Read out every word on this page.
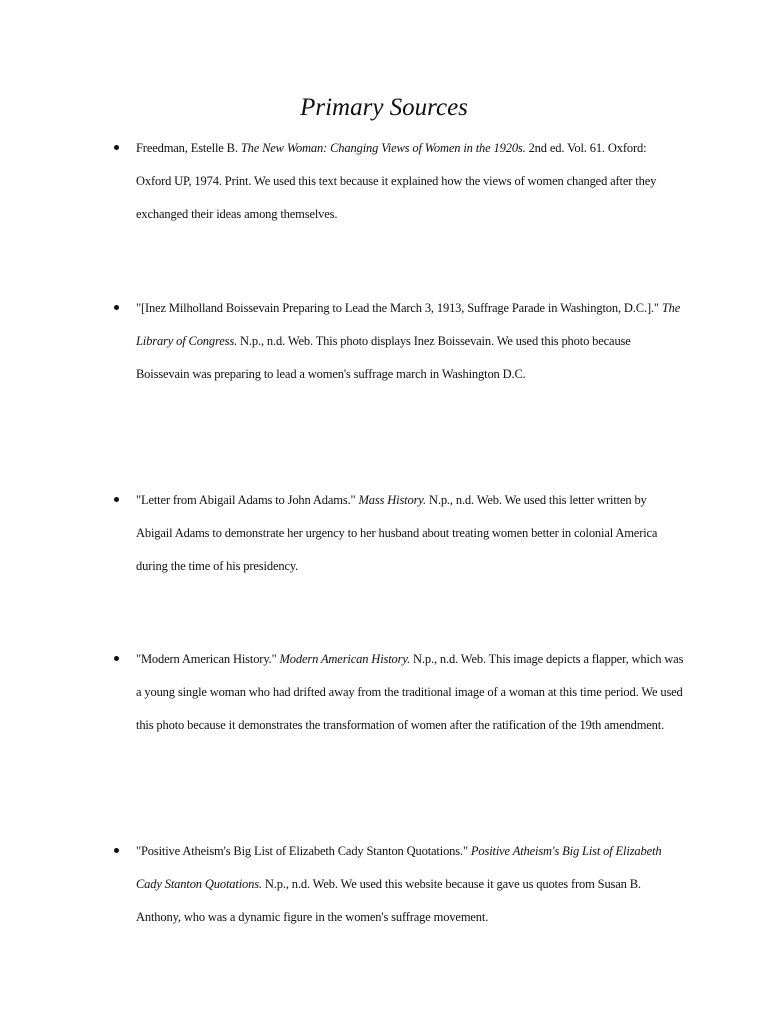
Primary Sources
Freedman, Estelle B. The New Woman: Changing Views of Women in the 1920s. 2nd ed. Vol. 61. Oxford: Oxford UP, 1974. Print. We used this text because it explained how the views of women changed after they exchanged their ideas among themselves.
"[Inez Milholland Boissevain Preparing to Lead the March 3, 1913, Suffrage Parade in Washington, D.C.]." The Library of Congress. N.p., n.d. Web. This photo displays Inez Boissevain. We used this photo because Boissevain was preparing to lead a women's suffrage march in Washington D.C.
"Letter from Abigail Adams to John Adams." Mass History. N.p., n.d. Web. We used this letter written by Abigail Adams to demonstrate her urgency to her husband about treating women better in colonial America during the time of his presidency.
"Modern American History." Modern American History. N.p., n.d. Web. This image depicts a flapper, which was a young single woman who had drifted away from the traditional image of a woman at this time period. We used this photo because it demonstrates the transformation of women after the ratification of the 19th amendment.
"Positive Atheism's Big List of Elizabeth Cady Stanton Quotations." Positive Atheism's Big List of Elizabeth Cady Stanton Quotations. N.p., n.d. Web. We used this website because it gave us quotes from Susan B. Anthony, who was a dynamic figure in the women's suffrage movement.
